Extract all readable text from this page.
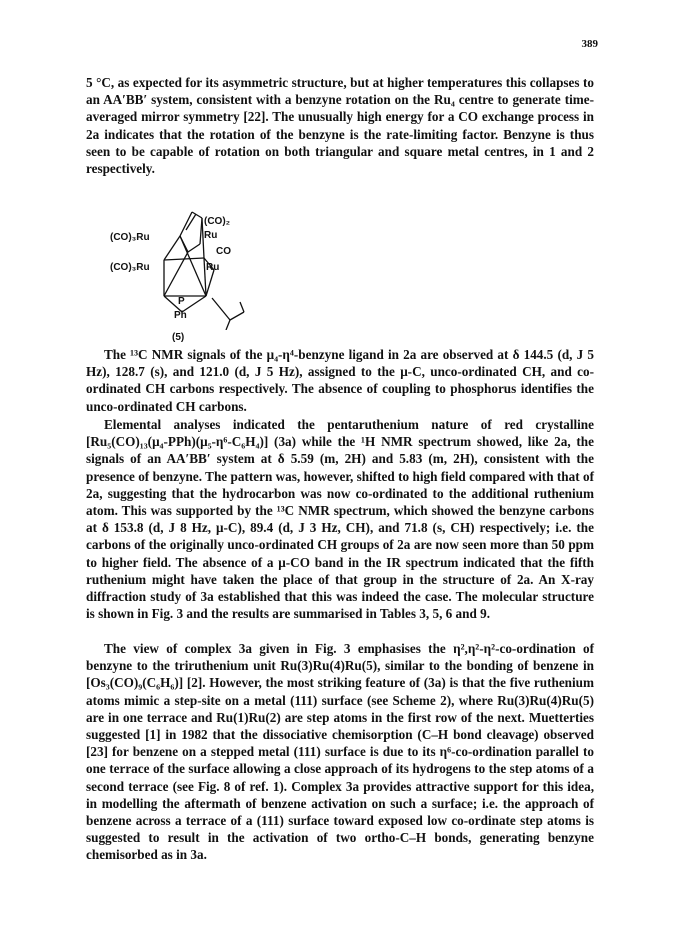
389

5 °C, as expected for its asymmetric structure, but at higher temperatures this collapses to an AA′BB′ system, consistent with a benzyne rotation on the Ru₄ centre to generate time-averaged mirror symmetry [22]. The unusually high energy for a CO exchange process in 2a indicates that the rotation of the benzyne is the rate-limiting factor. Benzyne is thus seen to be capable of rotation on both triangular and square metal centres, in 1 and 2 respectively.

(CO)₃Ru
(CO)₂
Ru
CO
(CO)₃Ru	Ru
P
Ph
(5)

The ¹³C NMR signals of the μ₄-η⁴-benzyne ligand in 2a are observed at δ 144.5 (d, J 5 Hz), 128.7 (s), and 121.0 (d, J 5 Hz), assigned to the μ-C, unco-ordinated CH, and co-ordinated CH carbons respectively. The absence of coupling to phosphorus identifies the unco-ordinated CH carbons.

Elemental analyses indicated the pentaruthenium nature of red crystalline [Ru₅(CO)₁₃(μ₄-PPh)(μ₅-η⁶-C₆H₄)] (3a) while the ¹H NMR spectrum showed, like 2a, the signals of an AA′BB′ system at δ 5.59 (m, 2H) and 5.83 (m, 2H), consistent with the presence of benzyne. The pattern was, however, shifted to high field compared with that of 2a, suggesting that the hydrocarbon was now co-ordinated to the additional ruthenium atom. This was supported by the ¹³C NMR spectrum, which showed the benzyne carbons at δ 153.8 (d, J 8 Hz, μ-C), 89.4 (d, J 3 Hz, CH), and 71.8 (s, CH) respectively; i.e. the carbons of the originally unco-ordinated CH groups of 2a are now seen more than 50 ppm to higher field. The absence of a μ-CO band in the IR spectrum indicated that the fifth ruthenium might have taken the place of that group in the structure of 2a. An X-ray diffraction study of 3a established that this was indeed the case. The molecular structure is shown in Fig. 3 and the results are summarised in Tables 3, 5, 6 and 9.

The view of complex 3a given in Fig. 3 emphasises the η²,η²-η²-co-ordination of benzyne to the triruthenium unit Ru(3)Ru(4)Ru(5), similar to the bonding of benzene in [Os₃(CO)₉(C₆H₆)] [2]. However, the most striking feature of (3a) is that the five ruthenium atoms mimic a step-site on a metal (111) surface (see Scheme 2), where Ru(3)Ru(4)Ru(5) are in one terrace and Ru(1)Ru(2) are step atoms in the first row of the next. Muetterties suggested [1] in 1982 that the dissociative chemisorption (C–H bond cleavage) observed [23] for benzene on a stepped metal (111) surface is due to its η⁶-co-ordination parallel to one terrace of the surface allowing a close approach of its hydrogens to the step atoms of a second terrace (see Fig. 8 of ref. 1). Complex 3a provides attractive support for this idea, in modelling the aftermath of benzene activation on such a surface; i.e. the approach of benzene across a terrace of a (111) surface toward exposed low co-ordinate step atoms is suggested to result in the activation of two ortho-C–H bonds, generating benzyne chemisorbed as in 3a.
